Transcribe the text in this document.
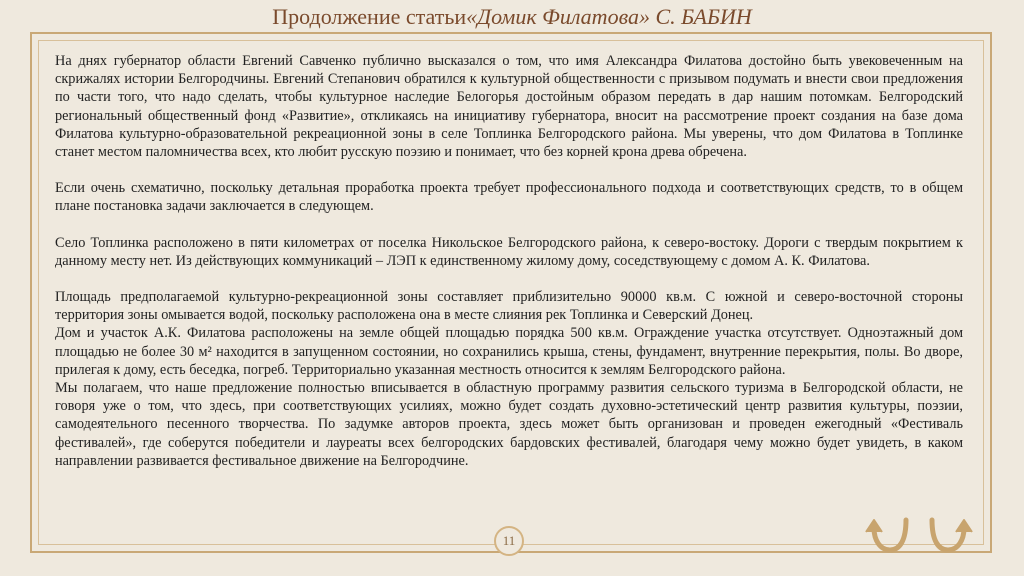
Продолжение статьи«Домик Филатова» С. БАБИН

На днях губернатор области Евгений Савченко публично высказался о том, что имя Александра Филатова достойно быть увековеченным на скрижалях истории Белгородчины. Евгений Степанович обратился к культурной общественности с призывом подумать и внести свои предложения по части того, что надо сделать, чтобы культурное наследие Белогорья достойным образом передать в дар нашим потомкам. Белгородский региональный общественный фонд «Развитие», откликаясь на инициативу губернатора, вносит на рассмотрение проект создания на базе дома Филатова культурно-образовательной рекреационной зоны в селе Топлинка Белгородского района. Мы уверены, что дом Филатова в Топлинке станет местом паломничества всех, кто любит русскую поэзию и понимает, что без корней крона древа обречена.

Если очень схематично, поскольку детальная проработка проекта требует профессионального подхода и соответствующих средств, то в общем плане постановка задачи заключается в следующем.

Село Топлинка расположено в пяти километрах от поселка Никольское Белгородского района, к северо-востоку. Дороги с твердым покрытием к данному месту нет. Из действующих коммуникаций – ЛЭП к единственному жилому дому, соседствующему с домом А. К. Филатова.

Площадь предполагаемой культурно-рекреационной зоны составляет приблизительно 90000 кв.м. С южной и северо-восточной стороны территория зоны омывается водой, поскольку расположена она в месте слияния рек Топлинка и Северский Донец.

Дом и участок А.К. Филатова расположены на земле общей площадью порядка 500 кв.м. Ограждение участка отсутствует. Одноэтажный дом площадью не более 30 м² находится в запущенном состоянии, но сохранились крыша, стены, фундамент, внутренние перекрытия, полы. Во дворе, прилегая к дому, есть беседка, погреб. Территориально указанная местность относится к землям Белгородского района.

Мы полагаем, что наше предложение полностью вписывается в областную программу развития сельского туризма в Белгородской области, не говоря уже о том, что здесь, при соответствующих усилиях, можно будет создать духовно-эстетический центр развития культуры, поэзии, самодеятельного песенного творчества. По задумке авторов проекта, здесь может быть организован и проведен ежегодный «Фестиваль фестивалей», где соберутся победители и лауреаты всех белгородских бардовских фестивалей, благодаря чему можно будет увидеть, в каком направлении развивается фестивальное движение на Белгородчине.

11
